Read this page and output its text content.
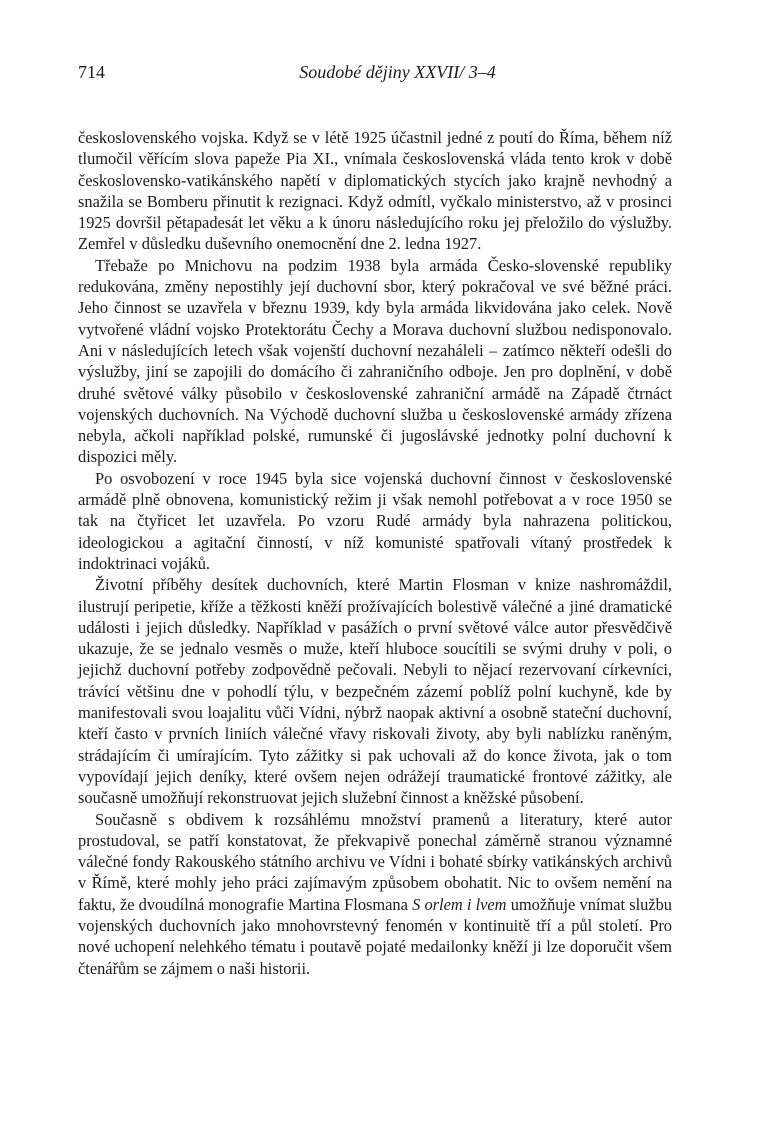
714	Soudobé dějiny XXVII/ 3–4

československého vojska. Když se v létě 1925 účastnil jedné z poutí do Říma, během níž tlumočil věřícím slova papeže Pia XI., vnímala československá vláda tento krok v době československo-vatikánského napětí v diplomatických stycích jako krajně nevhodný a snažila se Bomberu přinutit k rezignaci. Když odmítl, vyčkalo ministerstvo, až v prosinci 1925 dovršil pětapadesát let věku a k únoru následujícího roku jej přeložilo do výslužby. Zemřel v důsledku duševního onemocnění dne 2. ledna 1927.

Třebaže po Mnichovu na podzim 1938 byla armáda Česko-slovenské republiky redukována, změny nepostihly její duchovní sbor, který pokračoval ve své běžné práci. Jeho činnost se uzavřela v březnu 1939, kdy byla armáda likvidována jako celek. Nově vytvořené vládní vojsko Protektorátu Čechy a Morava duchovní službou nedisponovalo. Ani v následujících letech však vojenští duchovní nezaháleli – zatímco někteří odešli do výslužby, jiní se zapojili do domácího či zahraničního odboje. Jen pro doplnění, v době druhé světové války působilo v československé zahraniční armádě na Západě čtrnáct vojenských duchovních. Na Východě duchovní služba u československé armády zřízena nebyla, ačkoli například polské, rumunské či jugoslávské jednotky polní duchovní k dispozici měly.

Po osvobození v roce 1945 byla sice vojenská duchovní činnost v československé armádě plně obnovena, komunistický režim ji však nemohl potřebovat a v roce 1950 se tak na čtyřicet let uzavřela. Po vzoru Rudé armády byla nahrazena politickou, ideologickou a agitační činností, v níž komunisté spatřovali vítaný prostředek k indoktrinaci vojáků.

Životní příběhy desítek duchovních, které Martin Flosman v knize nashromáždil, ilustrují peripetie, kříže a těžkosti kněží prožívajících bolestivě válečné a jiné dramatické události i jejich důsledky. Například v pasážích o první světové válce autor přesvědčivě ukazuje, že se jednalo vesměs o muže, kteří hluboce soucítili se svými druhy v poli, o jejichž duchovní potřeby zodpovědně pečovali. Nebyli to nějací rezervovaní církevníci, trávící většinu dne v pohodlí týlu, v bezpečném zázemí poblíž polní kuchyně, kde by manifestovali svou loajalitu vůči Vídni, nýbrž naopak aktivní a osobně stateční duchovní, kteří často v prvních liniích válečné vřavy riskovali životy, aby byli nablízku raněným, strádajícím či umírajícím. Tyto zážitky si pak uchovali až do konce života, jak o tom vypovídají jejich deníky, které ovšem nejen odrážejí traumatické frontové zážitky, ale současně umožňují rekonstruovat jejich služební činnost a kněžské působení.

Současně s obdivem k rozsáhlému množství pramenů a literatury, které autor prostudoval, se patří konstatovat, že překvapivě ponechal záměrně stranou významné válečné fondy Rakouského státního archivu ve Vídni i bohaté sbírky vatikánských archivů v Římě, které mohly jeho práci zajímavým způsobem obohatit. Nic to ovšem nemění na faktu, že dvoudílná monografie Martina Flosmana S orlem i lvem umožňuje vnímat službu vojenských duchovních jako mnohovrstevný fenomén v kontinuitě tří a půl století. Pro nové uchopení nelehkého tématu i poutavě pojaté medailonky kněží ji lze doporučit všem čtenářům se zájmem o naši historii.
